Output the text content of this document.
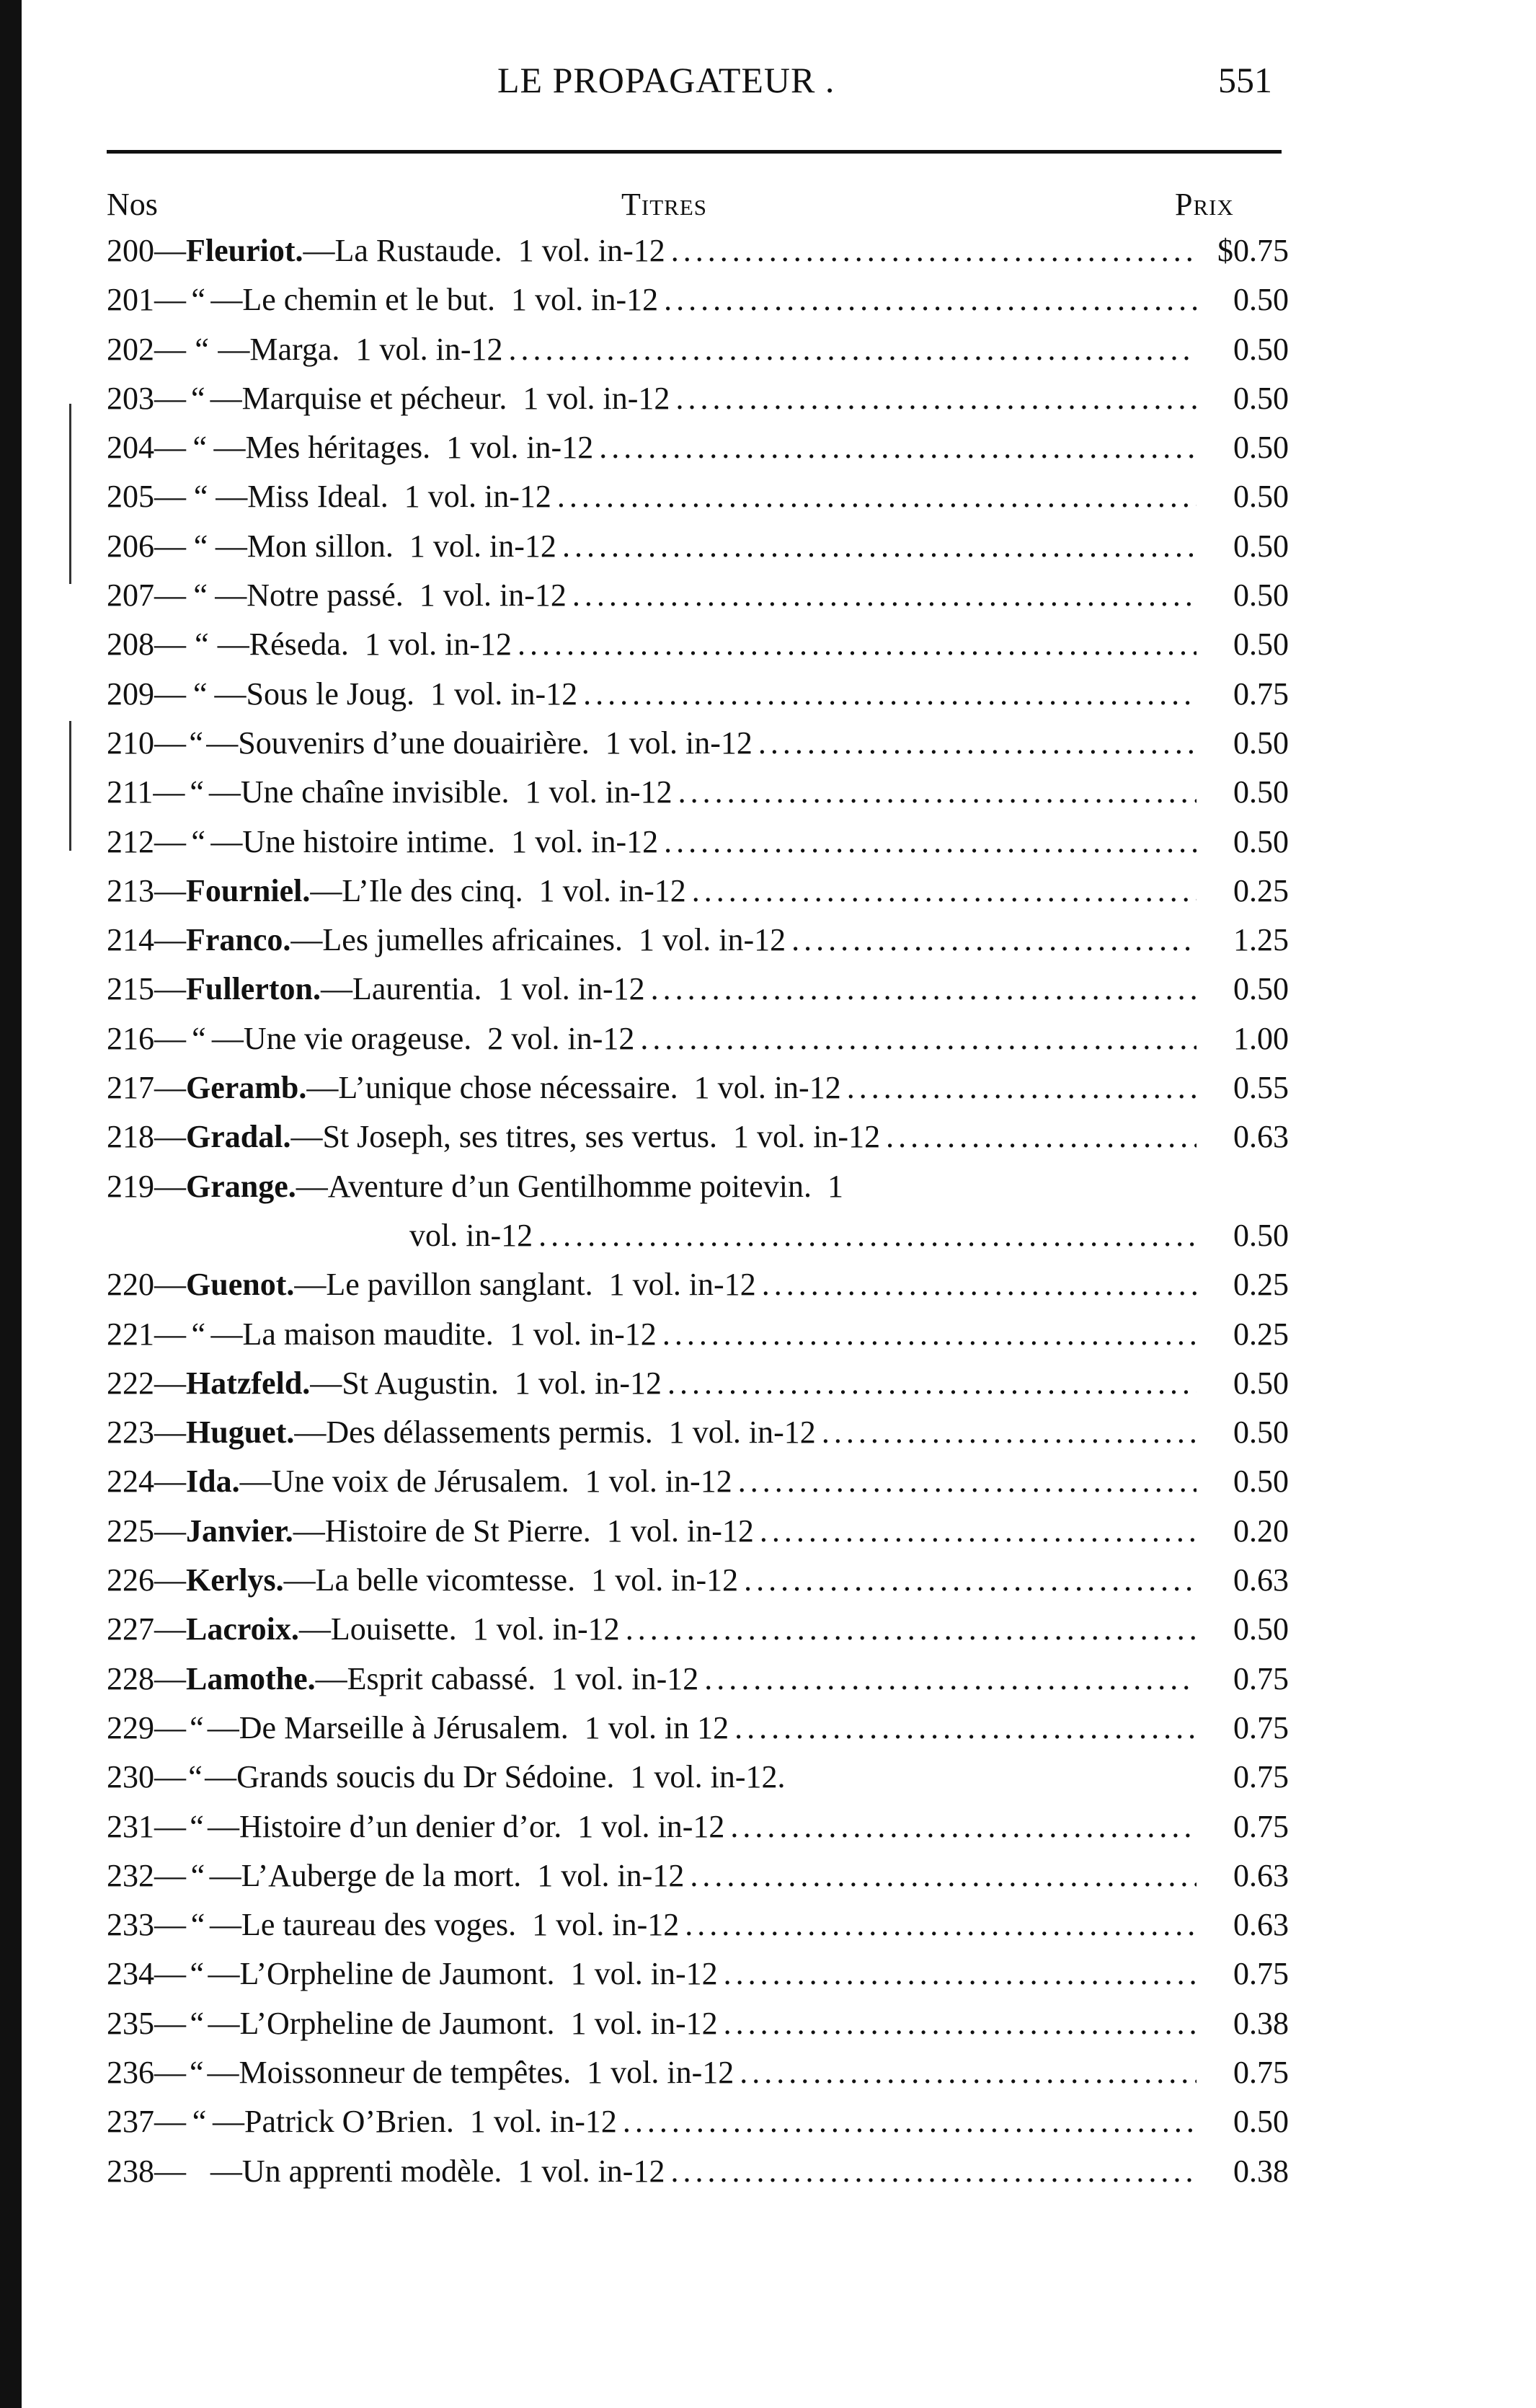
LE PROPAGATEUR .	551
Nos	Titres	Prix
200— Fleuriot. —La Rustaude. 1 vol. in-12 .....	$0.75
201— “ —Le chemin et le but. 1 vol. in-12 .....	0.50
202— “ —Marga. 1 vol. in-12 .....	0.50
203— “ —Marquise et pécheur. 1 vol. in-12 .....	0.50
204— “ —Mes héritages. 1 vol. in-12 .....	0.50
205— “ —Miss Ideal. 1 vol. in-12 .....	0.50
206— “ —Mon sillon. 1 vol. in-12 .....	0.50
207— “ —Notre passé. 1 vol. in-12 .....	0.50
208— “ —Réseda. 1 vol. in-12 .....	0.50
209— “ —Sous le Joug. 1 vol. in-12 .....	0.75
210— “ —Souvenirs d’une douairière. 1 vol. in-12 .....	0.50
211— “ —Une chaîne invisible. 1 vol. in-12 .....	0.50
212— “ —Une histoire intime. 1 vol. in-12 .....	0.50
213— Fourniel. —L’Ile des cinq. 1 vol. in-12 .....	0.25
214— Franco. —Les jumelles africaines. 1 vol. in-12 .....	1.25
215— Fullerton. —Laurentia. 1 vol. in-12 .....	0.50
216— “ —Une vie orageuse. 2 vol. in-12 .....	1.00
217— Geramb. —L’unique chose nécessaire. 1 vol. in-12 .....	0.55
218— Gradal. —St Joseph, ses titres, ses vertus. 1 vol. in-12 .....	0.63
219— Grange. —Aventure d’un Gentilhomme poitevin. 1
vol. in-12 .....	0.50
220— Guenot. —Le pavillon sanglant. 1 vol. in-12 .....	0.25
221— “ —La maison maudite. 1 vol. in-12 .....	0.25
222— Hatzfeld. —St Augustin. 1 vol. in-12 .....	0.50
223— Huguet. —Des délassements permis. 1 vol. in-12 .....	0.50
224— Ida. —Une voix de Jérusalem. 1 vol. in-12 .....	0.50
225— Janvier. —Histoire de St Pierre. 1 vol. in-12 .....	0.20
226— Kerlys. —La belle vicomtesse. 1 vol. in-12 .....	0.63
227— Lacroix. —Louisette. 1 vol. in-12 .....	0.50
228— Lamothe. —Esprit cabassé. 1 vol. in-12 .....	0.75
229— “ —De Marseille à Jérusalem. 1 vol. in 12 .....	0.75
230— “ —Grands soucis du Dr Sédoine. 1 vol. in-12.	0.75
231— “ —Histoire d’un denier d’or. 1 vol. in-12 .....	0.75
232— “ —L’Auberge de la mort. 1 vol. in-12 .....	0.63
233— “ —Le taureau des voges. 1 vol. in-12 .....	0.63
234— “ —L’Orpheline de Jaumont. 1 vol. in-12 .....	0.75
235— “ —L’Orpheline de Jaumont. 1 vol. in-12 .....	0.38
236— “ —Moissonneur de tempêtes. 1 vol. in-12 .....	0.75
237— “ —Patrick O’Brien. 1 vol. in-12 .....	0.50
238— —Un apprenti modèle. 1 vol. in-12 .....	0.38
